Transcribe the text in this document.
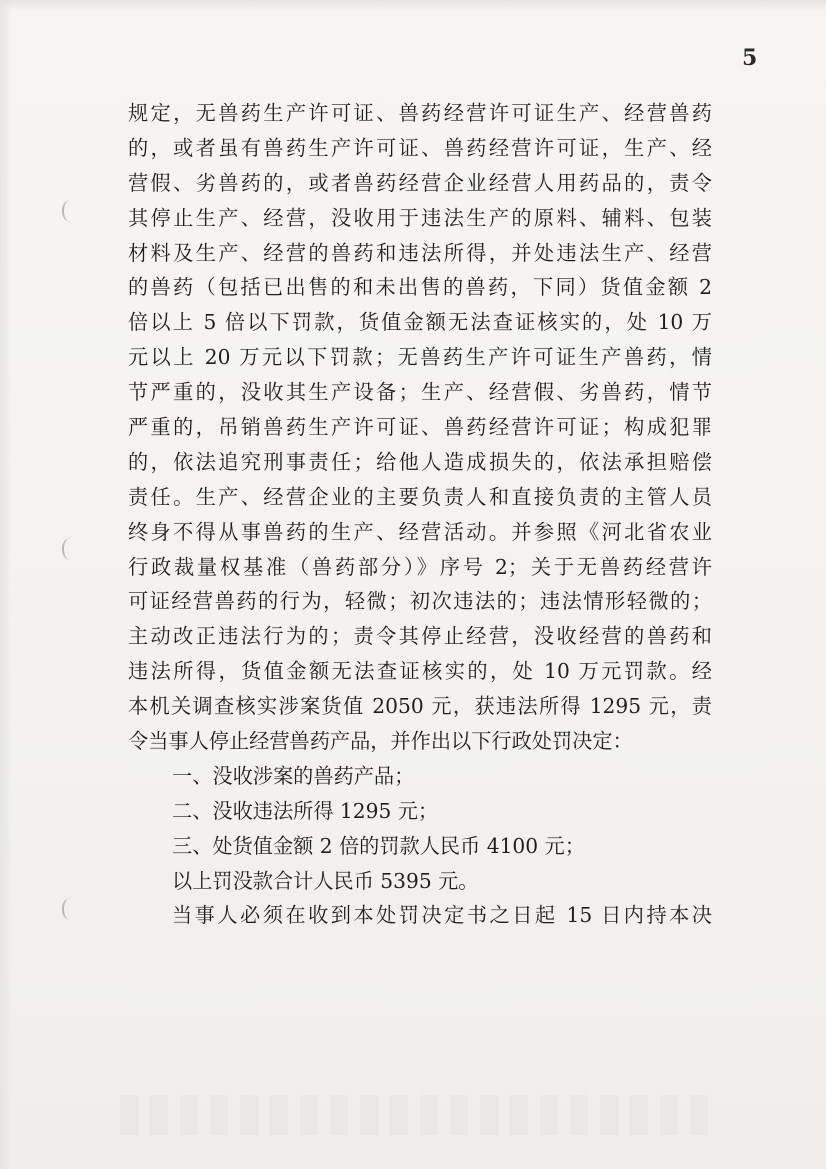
5
规定，无兽药生产许可证、兽药经营许可证生产、经营兽药
的，或者虽有兽药生产许可证、兽药经营许可证，生产、经
营假、劣兽药的，或者兽药经营企业经营人用药品的，责令
其停止生产、经营，没收用于违法生产的原料、辅料、包装
材料及生产、经营的兽药和违法所得，并处违法生产、经营
的兽药（包括已出售的和未出售的兽药，下同）货值金额 2
倍以上 5 倍以下罚款，货值金额无法查证核实的，处 10 万
元以上 20 万元以下罚款；无兽药生产许可证生产兽药，情
节严重的，没收其生产设备；生产、经营假、劣兽药，情节
严重的，吊销兽药生产许可证、兽药经营许可证；构成犯罪
的，依法追究刑事责任；给他人造成损失的，依法承担赔偿
责任。生产、经营企业的主要负责人和直接负责的主管人员
终身不得从事兽药的生产、经营活动。并参照《河北省农业
行政裁量权基准（兽药部分）》序号 2；关于无兽药经营许
可证经营兽药的行为，轻微；初次违法的；违法情形轻微的；
主动改正违法行为的；责令其停止经营，没收经营的兽药和
违法所得，货值金额无法查证核实的，处 10 万元罚款。经
本机关调查核实涉案货值 2050 元，获违法所得 1295 元，责
令当事人停止经营兽药产品，并作出以下行政处罚决定：
一、没收涉案的兽药产品；
二、没收违法所得 1295 元；
三、处货值金额 2 倍的罚款人民币 4100 元；
以上罚没款合计人民币 5395 元。
当事人必须在收到本处罚决定书之日起 15 日内持本决
